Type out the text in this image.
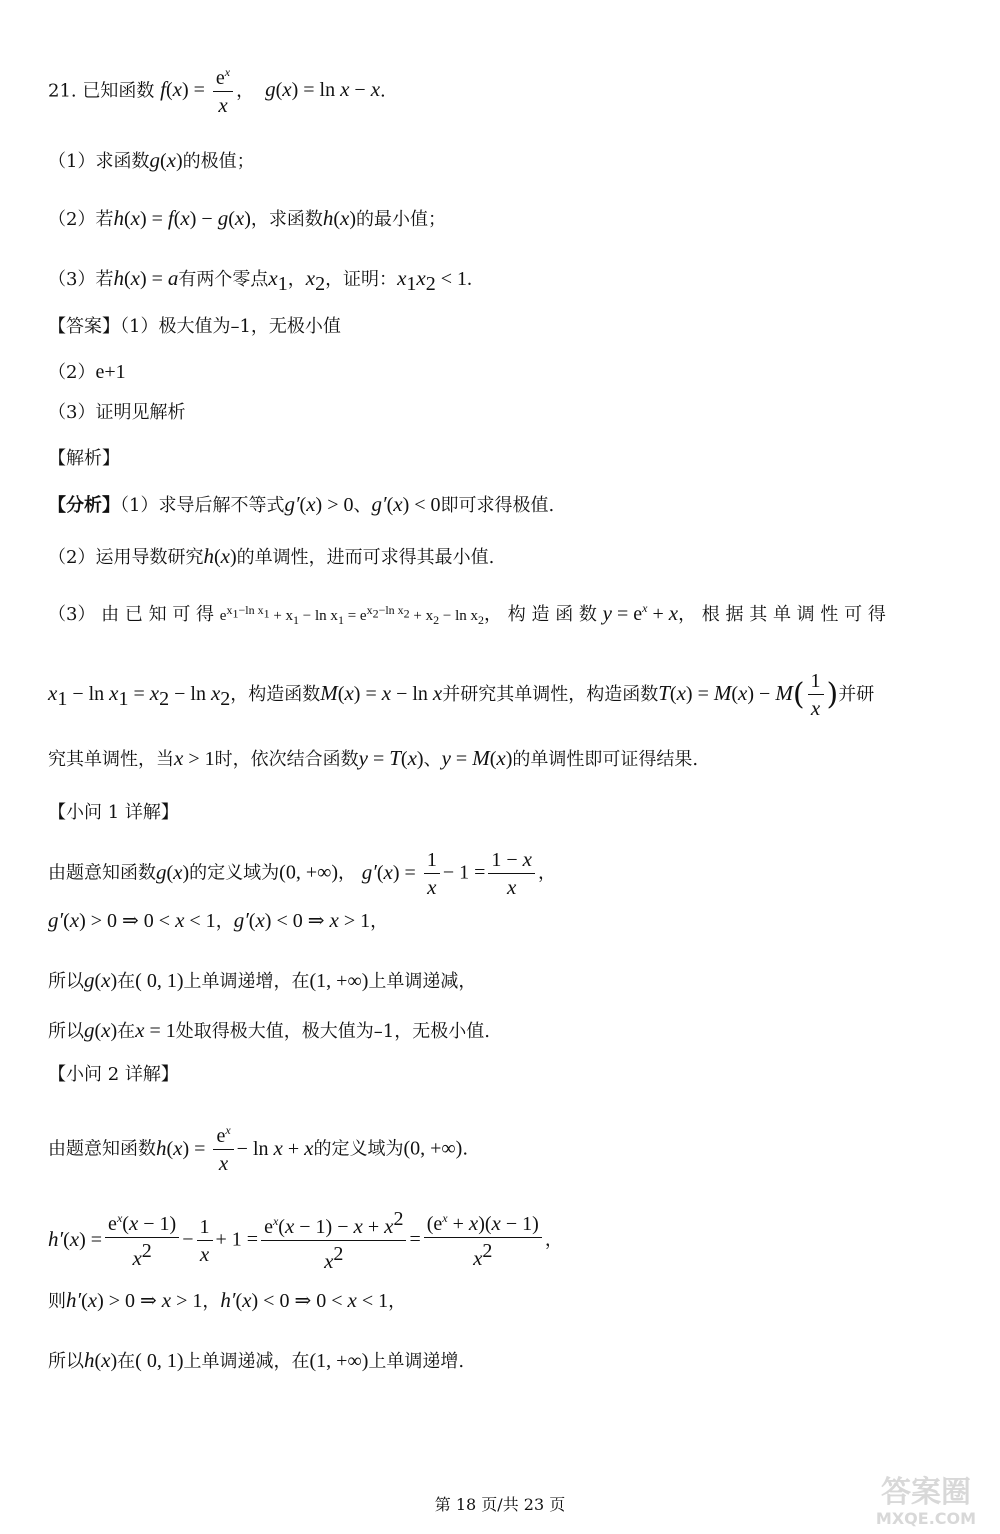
21. 已知函数 $f(x) = \frac{e^x}{x}$ ，  g(x) = ln x − x.
（1）求函数g(x)的极值；
（2）若h(x) = f(x) − g(x)，求函数h(x)的最小值；
（3）若h(x) = a有两个零点$x_1$，$x_2$，证明：$x_1x_2 < 1$.
【答案】（1）极大值为–1，无极小值
（2）e+1
（3）证明见解析
【解析】
【分析】（1）求导后解不等式g′(x) > 0、g′(x) < 0即可求得极值.
（2）运用导数研究h(x)的单调性，进而可求得其最小值.
（3） 由 已 知 可 得 $e^{x_1-ln x_1} + x_1 - \ln x_1 = e^{x_2-ln x_2} + x_2 - \ln x_2$， 构 造 函 数 $y = e^x + x$， 根 据 其 单 调 性 可 得
$x_1 - \ln x_1 = x_2 - \ln x_2$，构造函数M(x) = x − ln x并研究其单调性，构造函数$T(x) = M(x) - M( \frac{1}{x}$ )并研
究其单调性，当x > 1时，依次结合函数y = T(x)、y = M(x)的单调性即可证得结果.
【小问 1 详解】
由题意知函数g(x)的定义域为(0, +∞)， $g'(x) = \frac{1}{x} - 1 = \frac{1 - x}{x}$ ，
g′(x) > 0 ⇒ 0 < x < 1，g′(x) < 0 ⇒ x > 1，
所以g(x)在( 0, 1)上单调递增，在(1, +∞)上单调递减，
所以g(x)在x = 1处取得极大值，极大值为–1，无极小值.
【小问 2 详解】
由题意知函数$h(x) = \frac{e^x}{x} - \ln x + x$的定义域为(0, +∞).
$h'(x) = \frac{e^x(x - 1)}{x^2} - \frac{1}{x} + 1 = \frac{e^x(x - 1) - x + x^2}{x^2} = \frac{(e^x + x)(x - 1)}{x^2}$ ，
则h′(x) > 0 ⇒ x > 1，h′(x) < 0 ⇒ 0 < x < 1，
所以h(x)在( 0, 1)上单调递减，在(1, +∞)上单调递增.
第 18 页/共 23 页	答案圈
MXQE.COM
